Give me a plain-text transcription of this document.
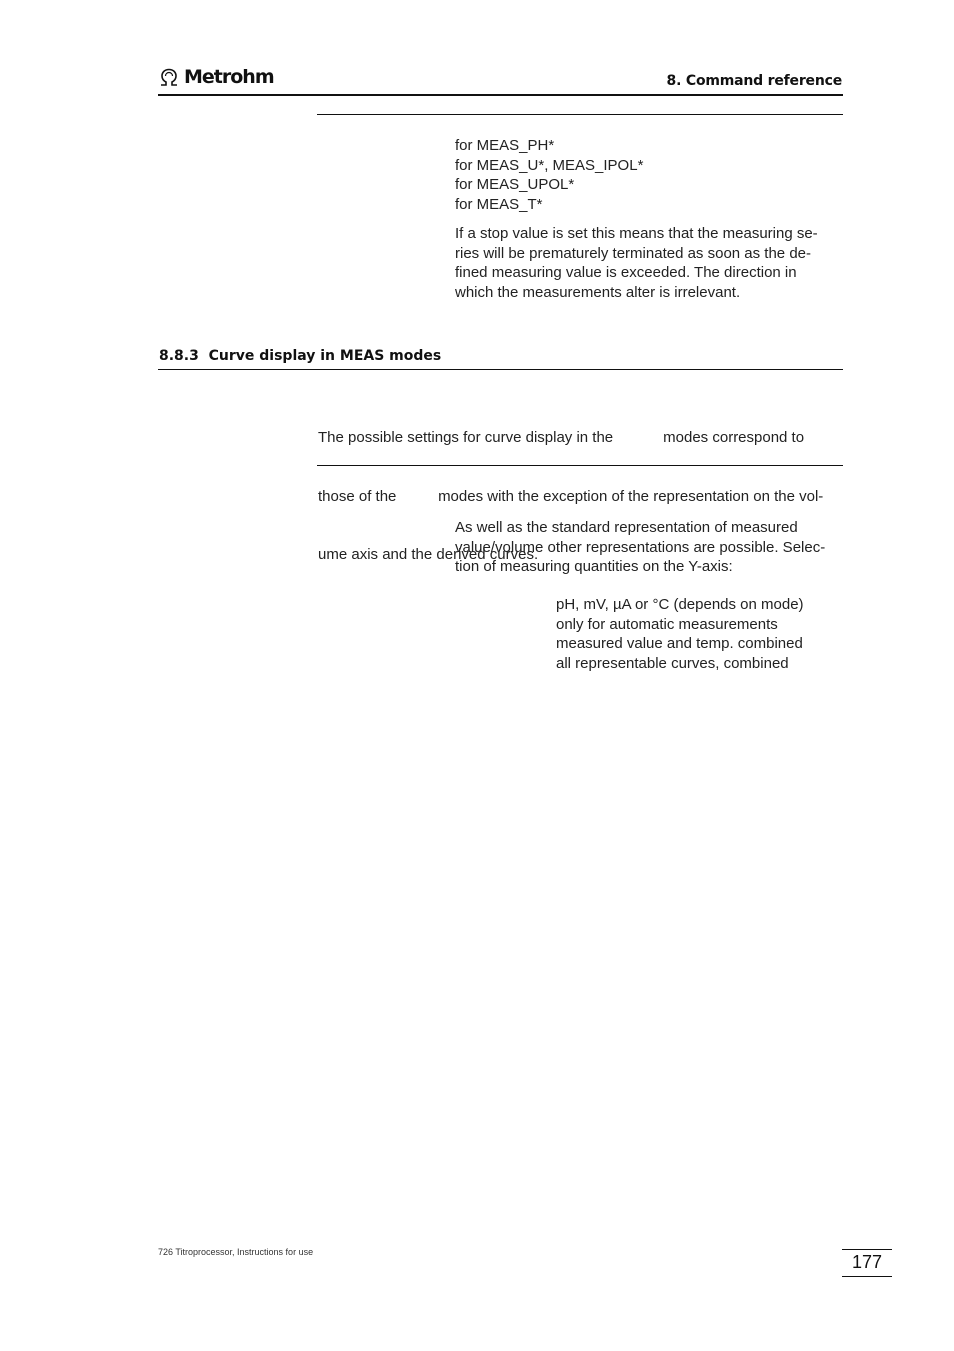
Metrohm	8. Command reference
for MEAS_PH*
for MEAS_U*, MEAS_IPOL*
for MEAS_UPOL*
for MEAS_T*
If a stop value is set this means that the measuring se-
ries will be prematurely terminated as soon as the de-
fined measuring value is exceeded. The direction in
which the measurements alter is irrelevant.
8.8.3 Curve display in MEAS modes

The possible settings for curve display in the            modes correspond to

those of the          modes with the exception of the representation on the vol-

ume axis and the derived curves.

As well as the standard representation of measured
value/volume other representations are possible. Selec-
tion of measuring quantities on the Y-axis:
pH, mV, µA or °C (depends on mode)
only for automatic measurements
measured value and temp. combined
all representable curves, combined
726 Titroprocessor, Instructions for use	177
